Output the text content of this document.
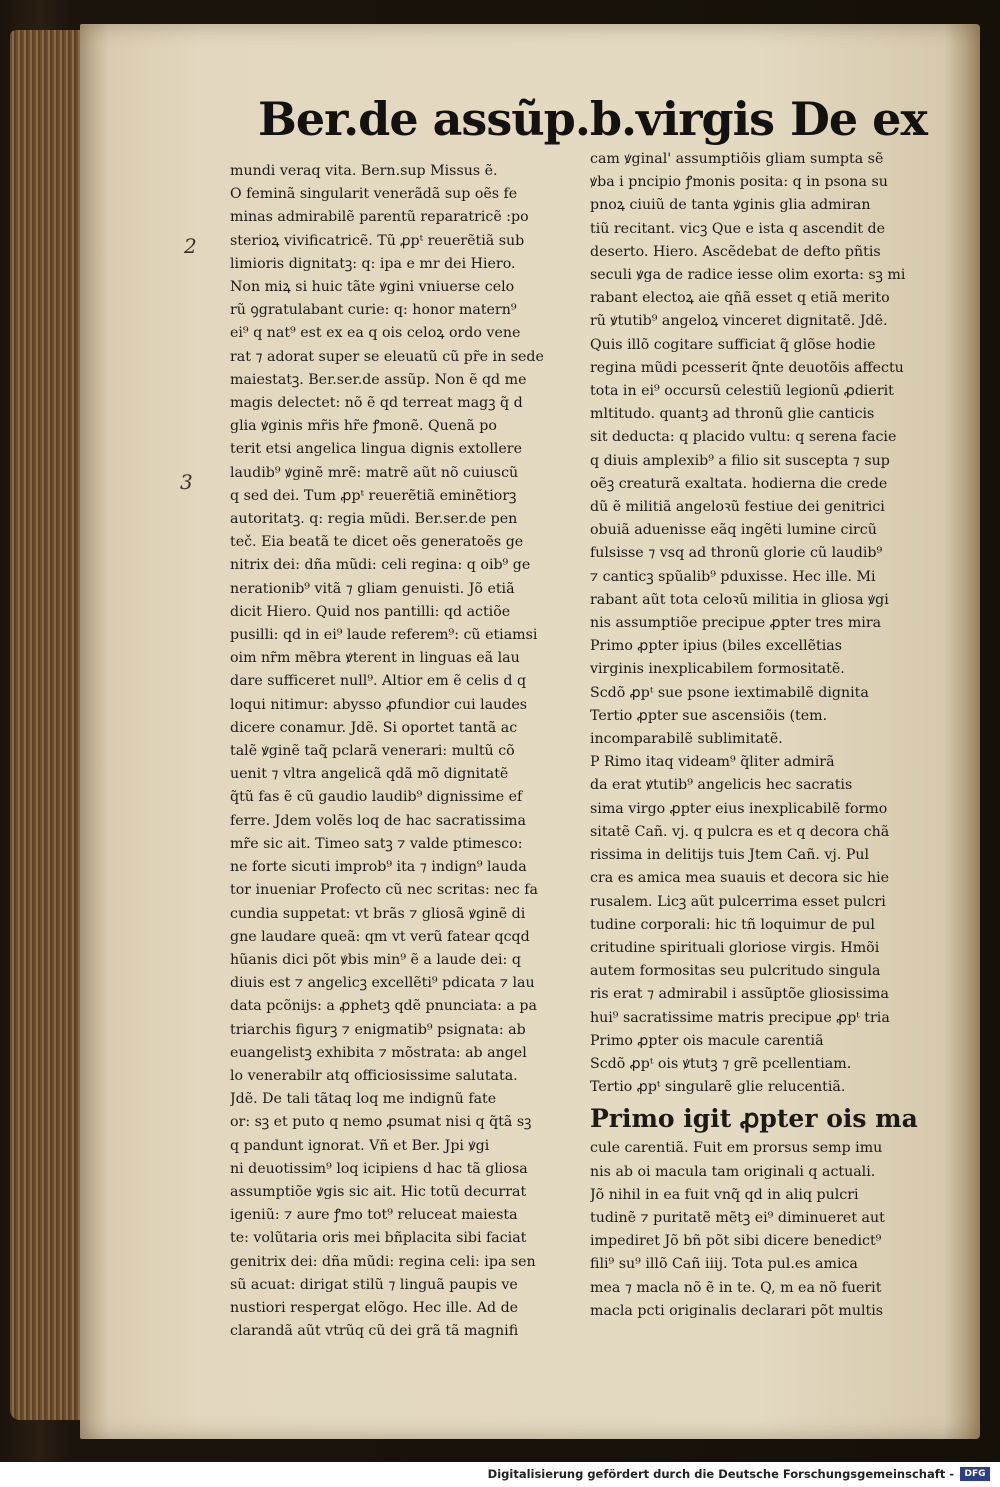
Ber.de assũp.b.virgis De ex
2
3
mundi veraq vita. Bern.sup Missus ẽ.
O feminã singularit venerãdã sup oẽs fe
minas admirabilẽ parentũ reparatricẽ :po
sterioꝝ vivificatricẽ. Tũ ꝓpᵗ reuerẽtiã sub
limioris dignitatꝫ: q: ipa e mr dei Hiero.
Non miꝝ si huic tãte ꝟgini vniuerse celo
rũ ꝯgratulabant curie: q: honor matern⁹
ei⁹ q nat⁹ est ex ea q ois celoꝝ ordo vene
rat ⁊ adorat super se eleuatũ cũ pr̃e in sede
maiestatꝫ. Ber.ser.de assũp. Non ẽ qd me
magis delectet: nõ ẽ qd terreat magꝫ q̃ d
glia ꝟginis mr̃is hr̃e ꝭmonẽ. Quenã po
terit etsi angelica lingua dignis extollere
laudib⁹ ꝟginẽ mrẽ: matrẽ aũt nõ cuiuscũ
q sed dei. Tum ꝓpᵗ reuerẽtiã eminẽtiorꝫ
autoritatꝫ. q: regia mũdi. Ber.ser.de pen
teč. Eia beatã te dicet oẽs generatoẽs ge
nitrix dei: dña mũdi: celi regina: q oib⁹ ge
nerationib⁹ vitã ⁊ gliam genuisti. Jõ etiã
dicit Hiero. Quid nos pantilli: qd actiõe
pusilli: qd in ei⁹ laude referem⁹: cũ etiamsi
oim nr̃m mẽbra ꝟterent in linguas eã lau
dare sufficeret null⁹. Altior em ẽ celis d q
loqui nitimur: abysso ꝓfundior cui laudes
dicere conamur. Jdẽ. Si oportet tantã ac
talẽ ꝟginẽ taq̃ pclarã venerari: multũ cõ
uenit ⁊ vltra angelicã qdã mõ dignitatẽ
q̃tũ fas ẽ cũ gaudio laudib⁹ dignissime ef
ferre. Jdem volẽs loq de hac sacratissima
mr̃e sic ait. Timeo satꝫ ⁊ valde ptimesco:
ne forte sicuti improb⁹ ita ⁊ indign⁹ lauda
tor inueniar Profecto cũ nec scritas: nec fa
cundia suppetat: vt brãs ⁊ gliosã ꝟginẽ di
gne laudare queã: qm vt verũ fatear qcqd
hũanis dici põt ꝟbis min⁹ ẽ a laude dei: q
diuis est ⁊ angelicꝫ excellẽti⁹ pdicata ⁊ lau
data pcõnijs: a ꝓphetꝫ qdẽ pnunciata: a pa
triarchis figurꝫ ⁊ enigmatib⁹ psignata: ab
euangelistꝫ exhibita ⁊ mõstrata: ab angel
lo venerabilr atq officiosissime salutata.
Jdẽ. De tali tãtaq loq me indignũ fate
or: sꝫ et puto q nemo ꝓsumat nisi q q̃tã sꝫ
q pandunt ignorat. Vñ et Ber. Jpi ꝟgi
ni deuotissim⁹ loq icipiens d hac tã gliosa
assumptiõe ꝟgis sic ait. Hic totũ decurrat
igeniũ: ⁊ aure ꝭmo tot⁹ reluceat maiesta
te: volũtaria oris mei bñplacita sibi faciat
genitrix dei: dña mũdi: regina celi: ipa sen
sũ acuat: dirigat stilũ ⁊ linguã paupis ve
nustiori respergat elõgo. Hec ille. Ad de
clarandã aũt vtrũq cũ dei grã tã magnifi
cam ꝟginal' assumptiõis gliam sumpta sẽ
ꝟba i pncipio ꝭmonis posita: q in psona su
pnoꝝ ciuiũ de tanta ꝟginis glia admiran
tiũ recitant. vicꝫ Que e ista q ascendit de
deserto. Hiero. Ascẽdebat de defto pñtis
seculi ꝟga de radice iesse olim exorta: sꝫ mi
rabant electoꝝ aie qñã esset q etiã merito
rũ ꝟtutib⁹ angeloꝝ vinceret dignitatẽ. Jdẽ.
Quis illõ cogitare sufficiat q̃ glõse hodie
regina mũdi pcesserit q̃nte deuotõis affectu
tota in ei⁹ occursũ celestiũ legionũ ꝓdierit
mltitudo. quantꝫ ad thronũ glie canticis
sit deducta: q placido vultu: q serena facie
q diuis amplexib⁹ a filio sit suscepta ⁊ sup
oẽꝫ creaturã exaltata. hodierna die crede
dũ ẽ militiã angeloꝛũ festiue dei genitrici
obuiã aduenisse eãq ingẽti lumine circũ
fulsisse ⁊ vsq ad thronũ glorie cũ laudib⁹
⁊ canticꝫ spũalib⁹ pduxisse. Hec ille. Mi
rabant aũt tota celoꝛũ militia in gliosa ꝟgi
nis assumptiõe precipue ꝓpter tres mira
Primo ꝓpter ipius (biles excellẽtias
virginis inexplicabilem formositatẽ.
Scdõ ꝓpᵗ sue psone iextimabilẽ dignita
Tertio ꝓpter sue ascensiõis (tem.
incomparabilẽ sublimitatẽ.
P Rimo itaq videam⁹ q̃liter admirã
da erat ꝟtutib⁹ angelicis hec sacratis
sima virgo ꝓpter eius inexplicabilẽ formo
sitatẽ Cañ. vj. q pulcra es et q decora chã
rissima in delitijs tuis Jtem Cañ. vj. Pul
cra es amica mea suauis et decora sic hie
rusalem. Licꝫ aũt pulcerrima esset pulcri
tudine corporali: hic tñ loquimur de pul
critudine spirituali gloriose virgis. Hmõi
autem formositas seu pulcritudo singula
ris erat ⁊ admirabil i assũptõe gliosissima
hui⁹ sacratissime matris precipue ꝓpᵗ tria
Primo ꝓpter ois macule carentiã
Scdõ ꝓpᵗ ois ꝟtutꝫ ⁊ grẽ pcellentiam.
Tertio ꝓpᵗ singularẽ glie relucentiã.
Primo igit ꝓpter ois ma
cule carentiã. Fuit em prorsus semp imu
nis ab oi macula tam originali q actuali.
Jõ nihil in ea fuit vnq̃ qd in aliq pulcri
tudinẽ ⁊ puritatẽ mẽtꝫ ei⁹ diminueret aut
impediret Jõ bñ põt sibi dicere benedict⁹
fili⁹ su⁹ illõ Cañ iiij. Tota pul.es amica
mea ⁊ macla nõ ẽ in te. Q, m ea nõ fuerit
macla pcti originalis declarari põt multis
Digitalisierung gefördert durch die Deutsche Forschungsgemeinschaft -	DFG
